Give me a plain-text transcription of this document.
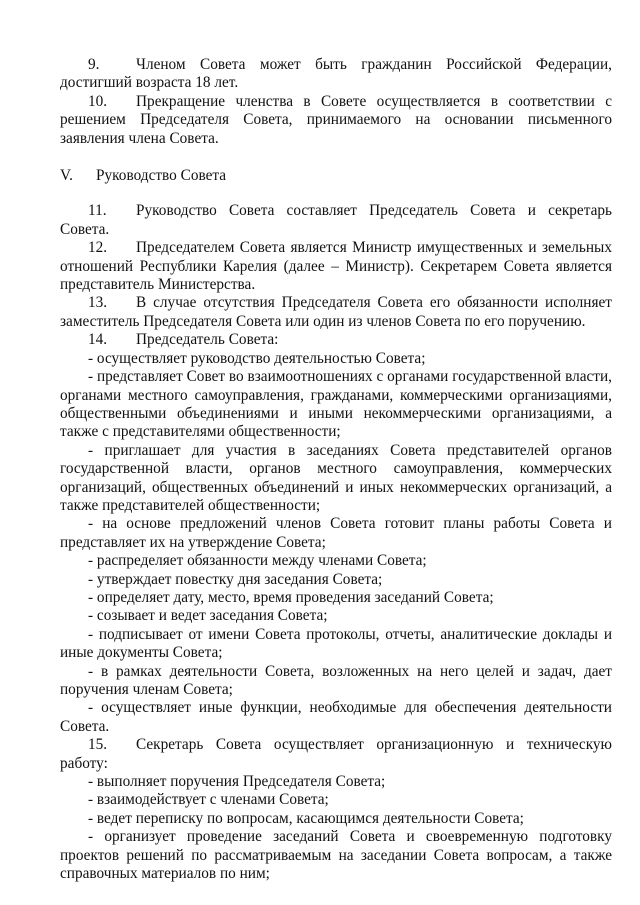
9. Членом Совета может быть гражданин Российской Федерации, достигший возраста 18 лет.

10. Прекращение членства в Совете осуществляется в соответствии с решением Председателя Совета, принимаемого на основании письменного заявления члена Совета.

V. Руководство Совета

11. Руководство Совета составляет Председатель Совета и секретарь Совета.

12. Председателем Совета является Министр имущественных и земельных отношений Республики Карелия (далее – Министр). Секретарем Совета является представитель Министерства.

13. В случае отсутствия Председателя Совета его обязанности исполняет заместитель Председателя Совета или один из членов Совета по его поручению.

14. Председатель Совета:

- осуществляет руководство деятельностью Совета;

- представляет Совет во взаимоотношениях с органами государственной власти, органами местного самоуправления, гражданами, коммерческими организациями, общественными объединениями и иными некоммерческими организациями, а также с представителями общественности;

- приглашает для участия в заседаниях Совета представителей органов государственной власти, органов местного самоуправления, коммерческих организаций, общественных объединений и иных некоммерческих организаций, а также представителей общественности;

- на основе предложений членов Совета готовит планы работы Совета и представляет их на утверждение Совета;

- распределяет обязанности между членами Совета;

- утверждает повестку дня заседания Совета;

- определяет дату, место, время проведения заседаний Совета;

- созывает и ведет заседания Совета;

- подписывает от имени Совета протоколы, отчеты, аналитические доклады и иные документы Совета;

- в рамках деятельности Совета, возложенных на него целей и задач, дает поручения членам Совета;

- осуществляет иные функции, необходимые для обеспечения деятельности Совета.

15. Секретарь Совета осуществляет организационную и техническую работу:

- выполняет поручения Председателя Совета;

- взаимодействует с членами Совета;

- ведет переписку по вопросам, касающимся деятельности Совета;

- организует проведение заседаний Совета и своевременную подготовку проектов решений по рассматриваемым на заседании Совета вопросам, а также справочных материалов по ним;
